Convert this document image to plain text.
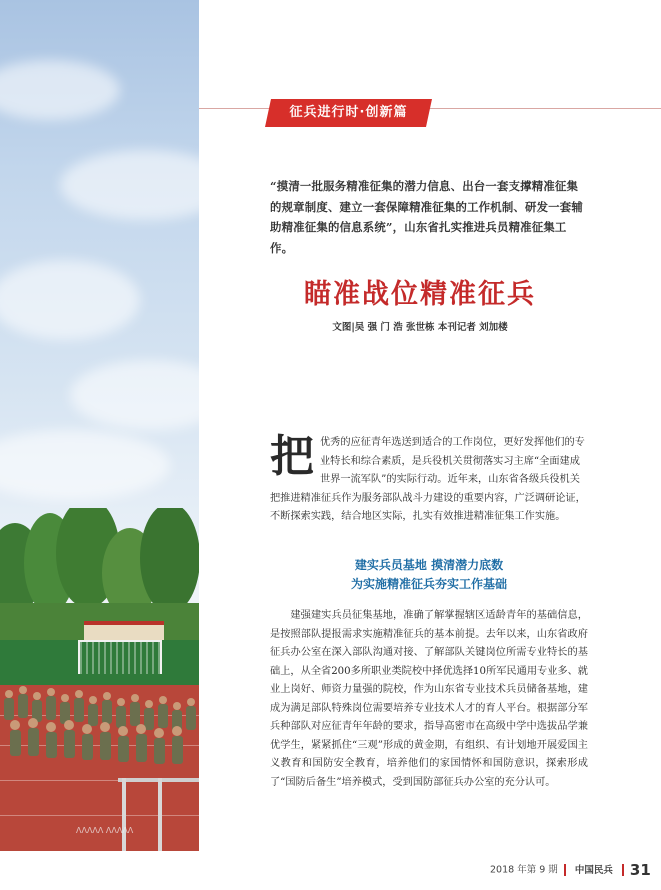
ΛΛΛΛΛ ΛΛΛΛΛ
征兵进行时·创新篇
“摸清一批服务精准征集的潜力信息、出台一套支撑精准征集的规章制度、建立一套保障精准征集的工作机制、研发一套辅助精准征集的信息系统”，山东省扎实推进兵员精准征集工作。
瞄准战位精准征兵
文图|吴 强 门 浩 张世栋 本刊记者 刘加楼
把 优秀的应征青年选送到适合的工作岗位，更好发挥他们的专业特长和综合素质，是兵役机关贯彻落实习主席“全面建成世界一流军队”的实际行动。近年来，山东省各级兵役机关把推进精准征兵作为服务部队战斗力建设的重要内容，广泛调研论证，不断探索实践，结合地区实际，扎实有效推进精准征集工作实施。
建实兵员基地 摸清潜力底数
为实施精准征兵夯实工作基础
建强建实兵员征集基地，准确了解掌握辖区适龄青年的基础信息，是按照部队提报需求实施精准征兵的基本前提。去年以来，山东省政府征兵办公室在深入部队沟通对接、了解部队关键岗位所需专业特长的基础上，从全省200多所职业类院校中择优选择10所军民通用专业多、就业上岗好、师资力量强的院校，作为山东省专业技术兵员储备基地，建成为满足部队特殊岗位需要培养专业技术人才的育人平台。根据部分军兵种部队对应征青年年龄的要求，指导高密市在高级中学中选拔品学兼优学生，紧紧抓住“三观”形成的黄金期，有组织、有计划地开展爱国主义教育和国防安全教育，培养他们的家国情怀和国防意识，探索形成了“国防后备生”培养模式，受到国防部征兵办公室的充分认可。
2018 年第 9 期 中国民兵 31
